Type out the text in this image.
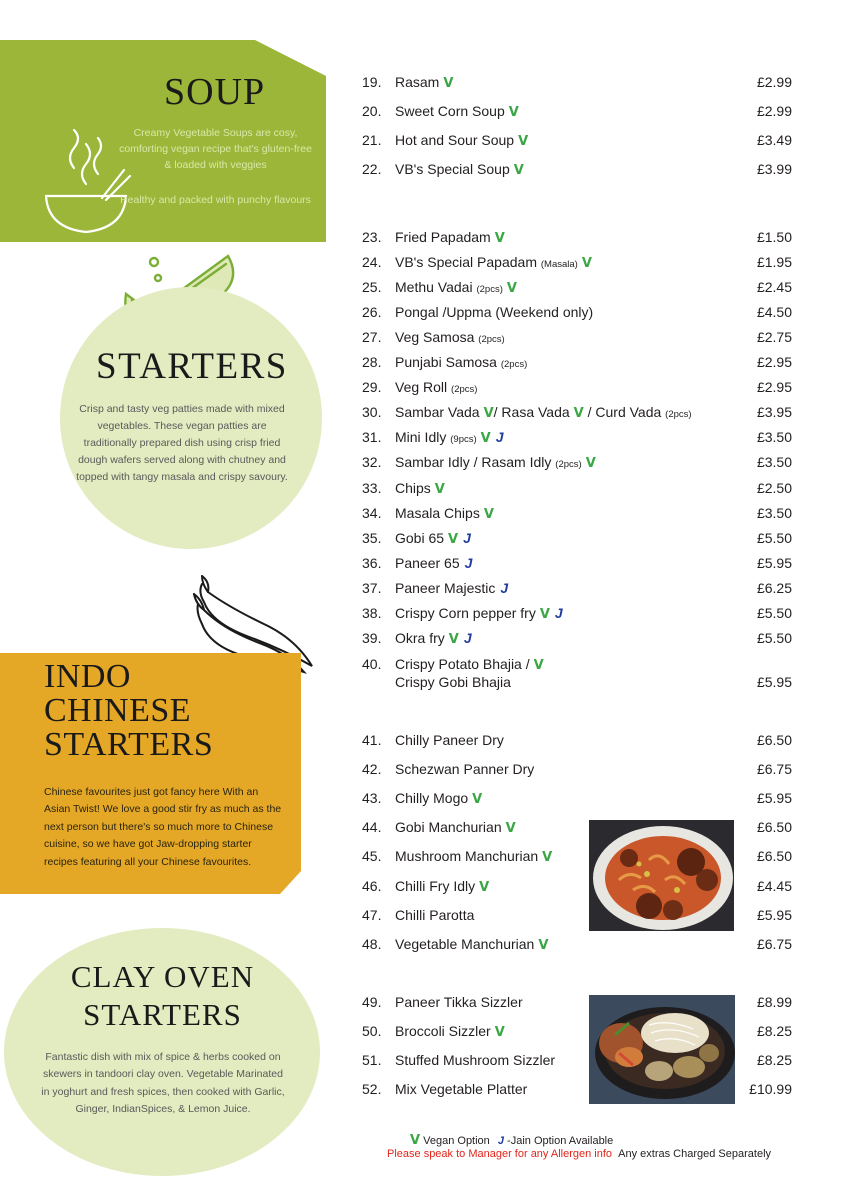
SOUP
Creamy Vegetable Soups are cosy, comforting vegan recipe that's gluten-free & loaded with veggies
Healthy and packed with punchy flavours
STARTERS
Crisp and tasty veg patties made with mixed vegetables. These vegan patties are traditionally prepared dish using crisp fried dough wafers served along with chutney and topped with tangy masala and crispy savoury.
INDO
CHINESE
STARTERS
Chinese favourites just got fancy here With an Asian Twist! We love a good stir fry as much as the next person but there's so much more to Chinese cuisine, so we have got Jaw-dropping starter recipes featuring all your Chinese favourites.
CLAY OVEN
STARTERS
Fantastic dish with mix of spice & herbs cooked on skewers in tandoori clay oven. Vegetable Marinated in yoghurt and fresh spices, then cooked with Garlic, Ginger, IndianSpices, & Lemon Juice.
19. Rasam V	£2.99
20. Sweet Corn Soup V	£2.99
21. Hot and Sour Soup V	£3.49
22. VB's Special Soup V	£3.99
23. Fried Papadam V	£1.50
24. VB's Special Papadam (Masala) V	£1.95
25. Methu Vadai (2pcs) V	£2.45
26. Pongal /Uppma (Weekend only)	£4.50
27. Veg Samosa (2pcs)	£2.75
28. Punjabi Samosa (2pcs)	£2.95
29. Veg Roll (2pcs)	£2.95
30. Sambar Vada V/ Rasa Vada V / Curd Vada (2pcs)	£3.95
31. Mini Idly (9pcs) V J	£3.50
32. Sambar Idly / Rasam Idly (2pcs) V	£3.50
33. Chips V	£2.50
34. Masala Chips V	£3.50
35. Gobi 65 V J	£5.50
36. Paneer 65 J	£5.95
37. Paneer Majestic J	£6.25
38. Crispy Corn pepper fry V J	£5.50
39. Okra fry V J	£5.50
40. Crispy Potato Bhajia / V
Crispy Gobi Bhajia	£5.95
41. Chilly Paneer Dry	£6.50
42. Schezwan Panner Dry	£6.75
43. Chilly Mogo V	£5.95
44. Gobi Manchurian V	£6.50
45. Mushroom Manchurian V	£6.50
46. Chilli Fry Idly V	£4.45
47. Chilli Parotta	£5.95
48. Vegetable Manchurian V	£6.75
49. Paneer Tikka Sizzler	£8.99
50. Broccoli Sizzler V	£8.25
51. Stuffed Mushroom Sizzler	£8.25
52. Mix Vegetable Platter	£10.99
V Vegan Option J -Jain Option Available
Please speak to Manager for any Allergen info Any extras Charged Separately
